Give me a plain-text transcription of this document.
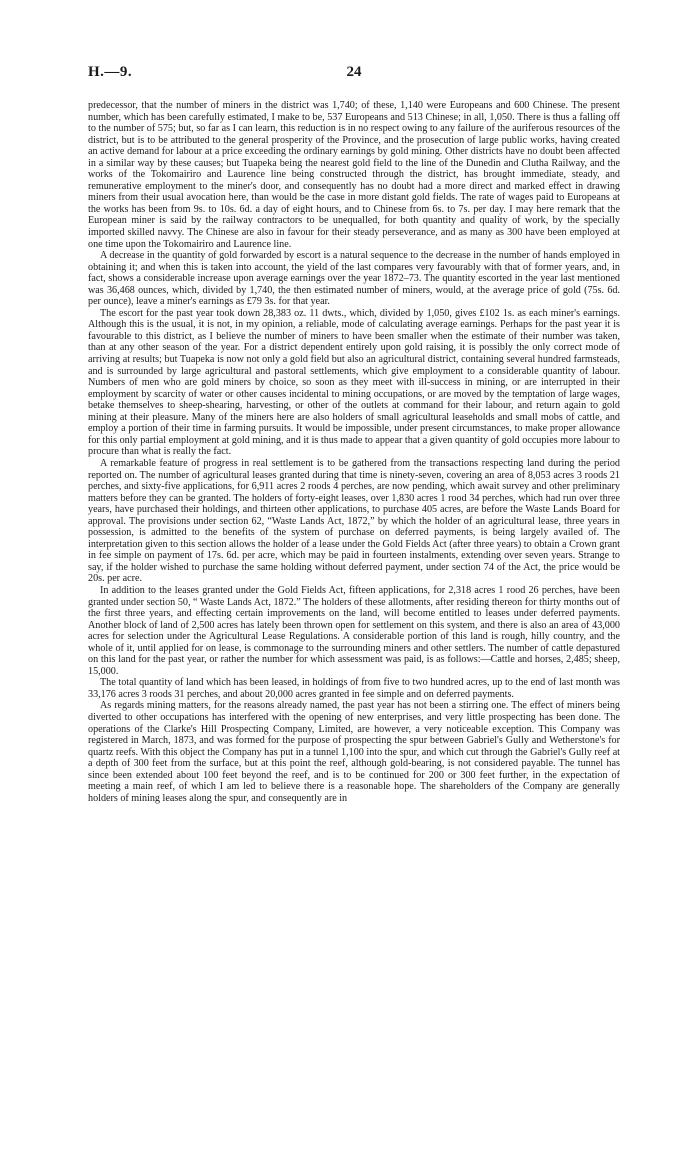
H.—9.	24

predecessor, that the number of miners in the district was 1,740; of these, 1,140 were Europeans and 600 Chinese. The present number, which has been carefully estimated, I make to be, 537 Europeans and 513 Chinese; in all, 1,050. There is thus a falling off to the number of 575; but, so far as I can learn, this reduction is in no respect owing to any failure of the auriferous resources of the district, but is to be attributed to the general prosperity of the Province, and the prosecution of large public works, having created an active demand for labour at a price exceeding the ordinary earnings by gold mining. Other districts have no doubt been affected in a similar way by these causes; but Tuapeka being the nearest gold field to the line of the Dunedin and Clutha Railway, and the works of the Tokomairiro and Laurence line being constructed through the district, has brought immediate, steady, and remunerative employment to the miner's door, and consequently has no doubt had a more direct and marked effect in drawing miners from their usual avocation here, than would be the case in more distant gold fields. The rate of wages paid to Europeans at the works has been from 9s. to 10s. 6d. a day of eight hours, and to Chinese from 6s. to 7s. per day. I may here remark that the European miner is said by the railway contractors to be unequalled, for both quantity and quality of work, by the specially imported skilled navvy. The Chinese are also in favour for their steady perseverance, and as many as 300 have been employed at one time upon the Tokomairiro and Laurence line.

A decrease in the quantity of gold forwarded by escort is a natural sequence to the decrease in the number of hands employed in obtaining it; and when this is taken into account, the yield of the last compares very favourably with that of former years, and, in fact, shows a considerable increase upon average earnings over the year 1872–73. The quantity escorted in the year last mentioned was 36,468 ounces, which, divided by 1,740, the then estimated number of miners, would, at the average price of gold (75s. 6d. per ounce), leave a miner's earnings as £79 3s. for that year.

The escort for the past year took down 28,383 oz. 11 dwts., which, divided by 1,050, gives £102 1s. as each miner's earnings. Although this is the usual, it is not, in my opinion, a reliable, mode of calculating average earnings. Perhaps for the past year it is favourable to this district, as I believe the number of miners to have been smaller when the estimate of their number was taken, than at any other season of the year. For a district dependent entirely upon gold raising, it is possibly the only correct mode of arriving at results; but Tuapeka is now not only a gold field but also an agricultural district, containing several hundred farmsteads, and is surrounded by large agricultural and pastoral settlements, which give employment to a considerable quantity of labour. Numbers of men who are gold miners by choice, so soon as they meet with ill-success in mining, or are interrupted in their employment by scarcity of water or other causes incidental to mining occupations, or are moved by the temptation of large wages, betake themselves to sheep-shearing, harvesting, or other of the outlets at command for their labour, and return again to gold mining at their pleasure. Many of the miners here are also holders of small agricultural leaseholds and small mobs of cattle, and employ a portion of their time in farming pursuits. It would be impossible, under present circumstances, to make proper allowance for this only partial employment at gold mining, and it is thus made to appear that a given quantity of gold occupies more labour to procure than what is really the fact.

A remarkable feature of progress in real settlement is to be gathered from the transactions respecting land during the period reported on. The number of agricultural leases granted during that time is ninety-seven, covering an area of 8,053 acres 3 roods 21 perches, and sixty-five applications, for 6,911 acres 2 roods 4 perches, are now pending, which await survey and other preliminary matters before they can be granted. The holders of forty-eight leases, over 1,830 acres 1 rood 34 perches, which had run over three years, have purchased their holdings, and thirteen other applications, to purchase 405 acres, are before the Waste Lands Board for approval. The provisions under section 62, “Waste Lands Act, 1872,” by which the holder of an agricultural lease, three years in possession, is admitted to the benefits of the system of purchase on deferred payments, is being largely availed of. The interpretation given to this section allows the holder of a lease under the Gold Fields Act (after three years) to obtain a Crown grant in fee simple on payment of 17s. 6d. per acre, which may be paid in fourteen instalments, extending over seven years. Strange to say, if the holder wished to purchase the same holding without deferred payment, under section 74 of the Act, the price would be 20s. per acre.

In addition to the leases granted under the Gold Fields Act, fifteen applications, for 2,318 acres 1 rood 26 perches, have been granted under section 50, “ Waste Lands Act, 1872.” The holders of these allotments, after residing thereon for thirty months out of the first three years, and effecting certain improvements on the land, will become entitled to leases under deferred payments. Another block of land of 2,500 acres has lately been thrown open for settlement on this system, and there is also an area of 43,000 acres for selection under the Agricultural Lease Regulations. A considerable portion of this land is rough, hilly country, and the whole of it, until applied for on lease, is commonage to the surrounding miners and other settlers. The number of cattle depastured on this land for the past year, or rather the number for which assessment was paid, is as follows:—Cattle and horses, 2,485; sheep, 15,000.

The total quantity of land which has been leased, in holdings of from five to two hundred acres, up to the end of last month was 33,176 acres 3 roods 31 perches, and about 20,000 acres granted in fee simple and on deferred payments.

As regards mining matters, for the reasons already named, the past year has not been a stirring one. The effect of miners being diverted to other occupations has interfered with the opening of new enterprises, and very little prospecting has been done. The operations of the Clarke's Hill Prospecting Company, Limited, are however, a very noticeable exception. This Company was registered in March, 1873, and was formed for the purpose of prospecting the spur between Gabriel's Gully and Wetherstone's for quartz reefs. With this object the Company has put in a tunnel 1,100 into the spur, and which cut through the Gabriel's Gully reef at a depth of 300 feet from the surface, but at this point the reef, although gold-bearing, is not considered payable. The tunnel has since been extended about 100 feet beyond the reef, and is to be continued for 200 or 300 feet further, in the expectation of meeting a main reef, of which I am led to believe there is a reasonable hope. The shareholders of the Company are generally holders of mining leases along the spur, and consequently are in
